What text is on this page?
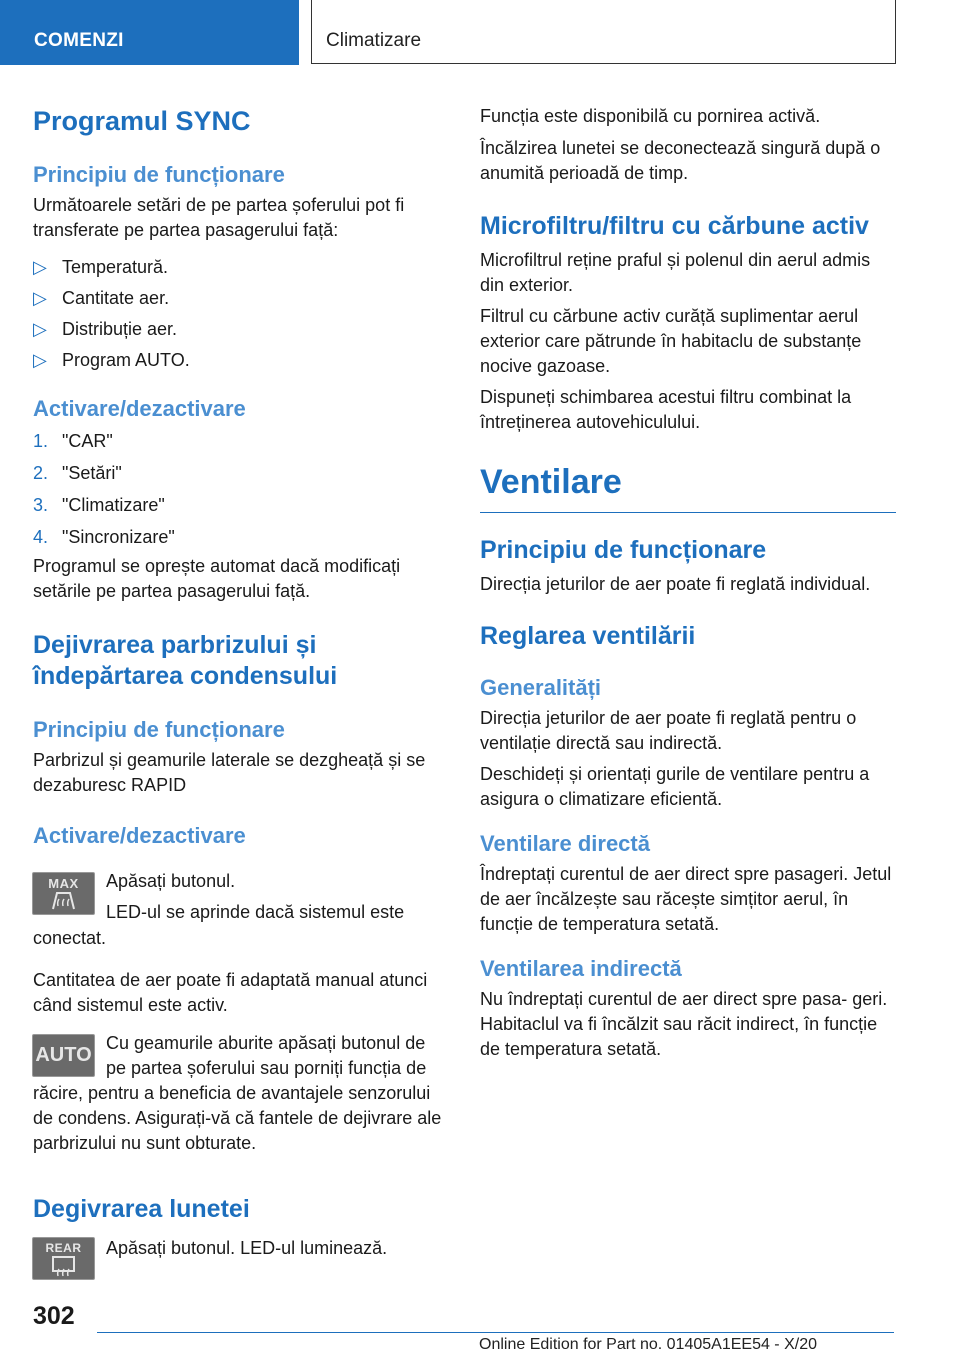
COMENZI	Climatizare
Programul SYNC
Principiu de funcționare

Următoarele setări de pe partea șoferului pot fi transferate pe partea pasagerului față:

▷ Temperatură.
▷ Cantitate aer.
▷ Distribuție aer.
▷ Program AUTO.
Activare/dezactivare
1. "CAR"
2. "Setări"
3. "Climatizare"
4. "Sincronizare"

Programul se oprește automat dacă modificați setările pe partea pasagerului față.

Dejivrarea parbrizului și
îndepărtarea condensului
Principiu de funcționare

Parbrizul și geamurile laterale se dezgheață și se dezaburesc RAPID

Activare/dezactivare
MAX	Apăsați butonul.

LED-ul se aprinde dacă sistemul este

conectat.

Cantitatea de aer poate fi adaptată manual atunci când sistemul este activ.

AUTO

Cu geamurile aburite apăsați butonul de

pe partea șoferului sau porniți funcția de

răcire, pentru a beneficia de avantajele senzorului de condens. Asigurați-vă că fantele de dejivrare ale parbrizului nu sunt obturate.

Degivrarea lunetei
REAR	Apăsați butonul. LED-ul luminează.

Funcția este disponibilă cu pornirea activă.

Încălzirea lunetei se deconectează singură după o anumită perioadă de timp.

Microfiltru/filtru cu cărbune activ

Microfiltrul reține praful și polenul din aerul admis din exterior.

Filtrul cu cărbune activ curăță suplimentar aerul exterior care pătrunde în habitaclu de substanțe nocive gazoase.

Dispuneți schimbarea acestui filtru combinat la întreținerea autovehiculului.

Ventilare
Principiu de funcționare

Direcția jeturilor de aer poate fi reglată individual.

Reglarea ventilării
Generalități

Direcția jeturilor de aer poate fi reglată pentru o ventilație directă sau indirectă.

Deschideți și orientați gurile de ventilare pentru a asigura o climatizare eficientă.

Ventilare directă

Îndreptați curentul de aer direct spre pasageri. Jetul de aer încălzește sau răcește simțitor aerul, în funcție de temperatura setată.

Ventilarea indirectă

Nu îndreptați curentul de aer direct spre pasa- geri. Habitaclul va fi încălzit sau răcit indirect, în funcție de temperatura setată.

302
Online Edition for Part no. 01405A1EE54 - X/20
